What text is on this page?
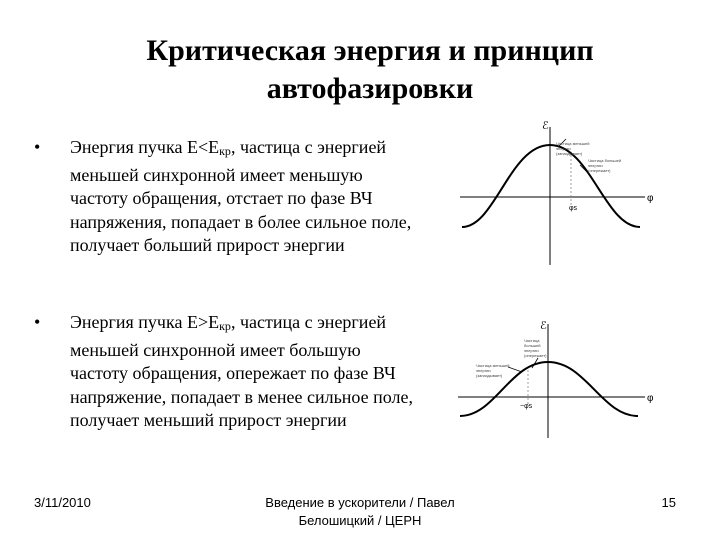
Критическая энергия и принцип
автофазировки
• Энергия пучка $E<E_{кр}$, частица с энергией меньшей синхронной имеет меньшую частоту обращения, отстает по фазе ВЧ напряжения, попадает в более сильное поле, получает больший прирост энергии
• Энергия пучка $E>E_{кр}$, частица с энергией меньшей синхронной имеет большую частоту обращения, опережает по фазе ВЧ напряжение, попадает в менее сильное поле, получает меньший прирост энергии
ℰ
φ
φs
Частица меньшей
энергии
(запаздывает)
Частица большей
энергии
(опережает)
ℰ
φ
−φs
Частица
большей
энергии
(опережает)
Частица меньшей
энергии
(запаздывает)
3/11/2010	Введение в ускорители / Павел
Белошицкий / ЦЕРН
15
